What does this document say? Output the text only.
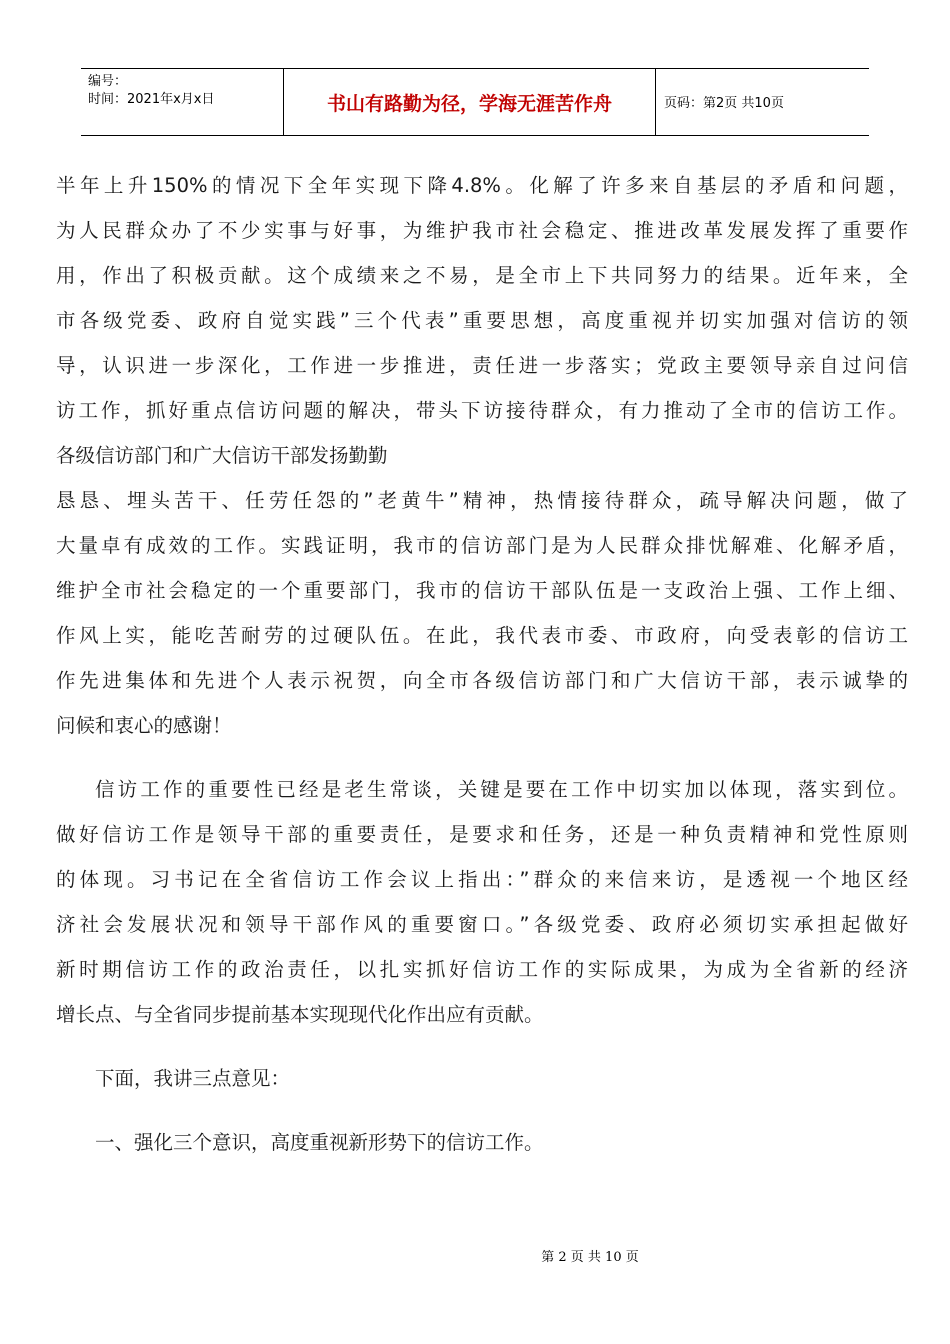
编号：
时间：2021年x月x日	书山有路勤为径，学海无涯苦作舟	页码：第2页 共10页
半年上升150%的情况下全年实现下降4.8%。化解了许多来自基层的矛盾和问题，
为人民群众办了不少实事与好事，为维护我市社会稳定、推进改革发展发挥了重要作
用，作出了积极贡献。这个成绩来之不易，是全市上下共同努力的结果。近年来，全
市各级党委、政府自觉实践”三个代表”重要思想，高度重视并切实加强对信访的领
导，认识进一步深化，工作进一步推进，责任进一步落实；党政主要领导亲自过问信
访工作，抓好重点信访问题的解决，带头下访接待群众，有力推动了全市的信访工作。
各级信访部门和广大信访干部发扬勤勤
恳恳、埋头苦干、任劳任怨的”老黄牛”精神，热情接待群众，疏导解决问题，做了
大量卓有成效的工作。实践证明，我市的信访部门是为人民群众排忧解难、化解矛盾，
维护全市社会稳定的一个重要部门，我市的信访干部队伍是一支政治上强、工作上细、
作风上实，能吃苦耐劳的过硬队伍。在此，我代表市委、市政府，向受表彰的信访工
作先进集体和先进个人表示祝贺，向全市各级信访部门和广大信访干部，表示诚挚的
问候和衷心的感谢！
信访工作的重要性已经是老生常谈，关键是要在工作中切实加以体现，落实到位。
做好信访工作是领导干部的重要责任，是要求和任务，还是一种负责精神和党性原则
的体现。习书记在全省信访工作会议上指出：”群众的来信来访，是透视一个地区经
济社会发展状况和领导干部作风的重要窗口。”各级党委、政府必须切实承担起做好
新时期信访工作的政治责任，以扎实抓好信访工作的实际成果，为成为全省新的经济
增长点、与全省同步提前基本实现现代化作出应有贡献。
下面，我讲三点意见：
一、强化三个意识，高度重视新形势下的信访工作。
第 2 页 共 10 页
